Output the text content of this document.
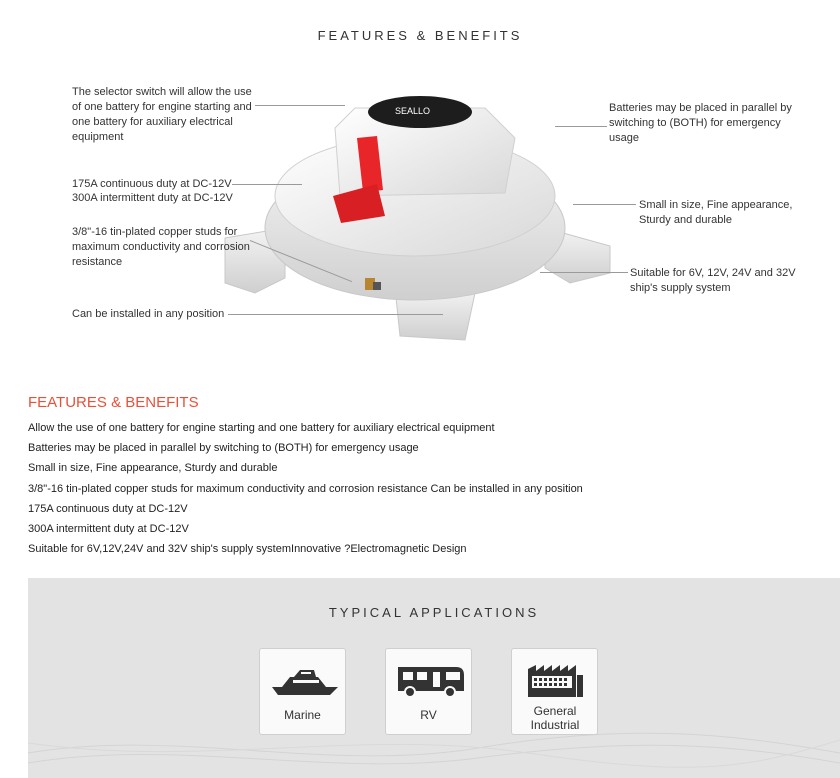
FEATURES & BENEFITS
SEALLO
The selector switch will allow the use of one battery for engine starting and one battery for auxiliary electrical equipment
175A continuous duty at DC-12V
300A intermittent duty at DC-12V
3/8"-16 tin-plated copper studs for maximum conductivity and corrosion resistance
Can be installed in any position
Batteries may be placed in parallel by switching to (BOTH) for emergency usage
Small in size, Fine appearance, Sturdy and durable
Suitable for 6V, 12V, 24V and 32V ship's supply system
FEATURES & BENEFITS
Allow the use of one battery for engine starting and one battery for auxiliary electrical equipment
Batteries may be placed in parallel by switching to (BOTH) for emergency usage
Small in size, Fine appearance, Sturdy and durable
3/8"-16 tin-plated copper studs for maximum conductivity and corrosion resistance Can be installed in any position
175A continuous duty at DC-12V
300A intermittent duty at DC-12V
Suitable for 6V,12V,24V and 32V ship's supply systemInnovative ?Electromagnetic Design
TYPICAL APPLICATIONS
Marine	RV	General Industrial
